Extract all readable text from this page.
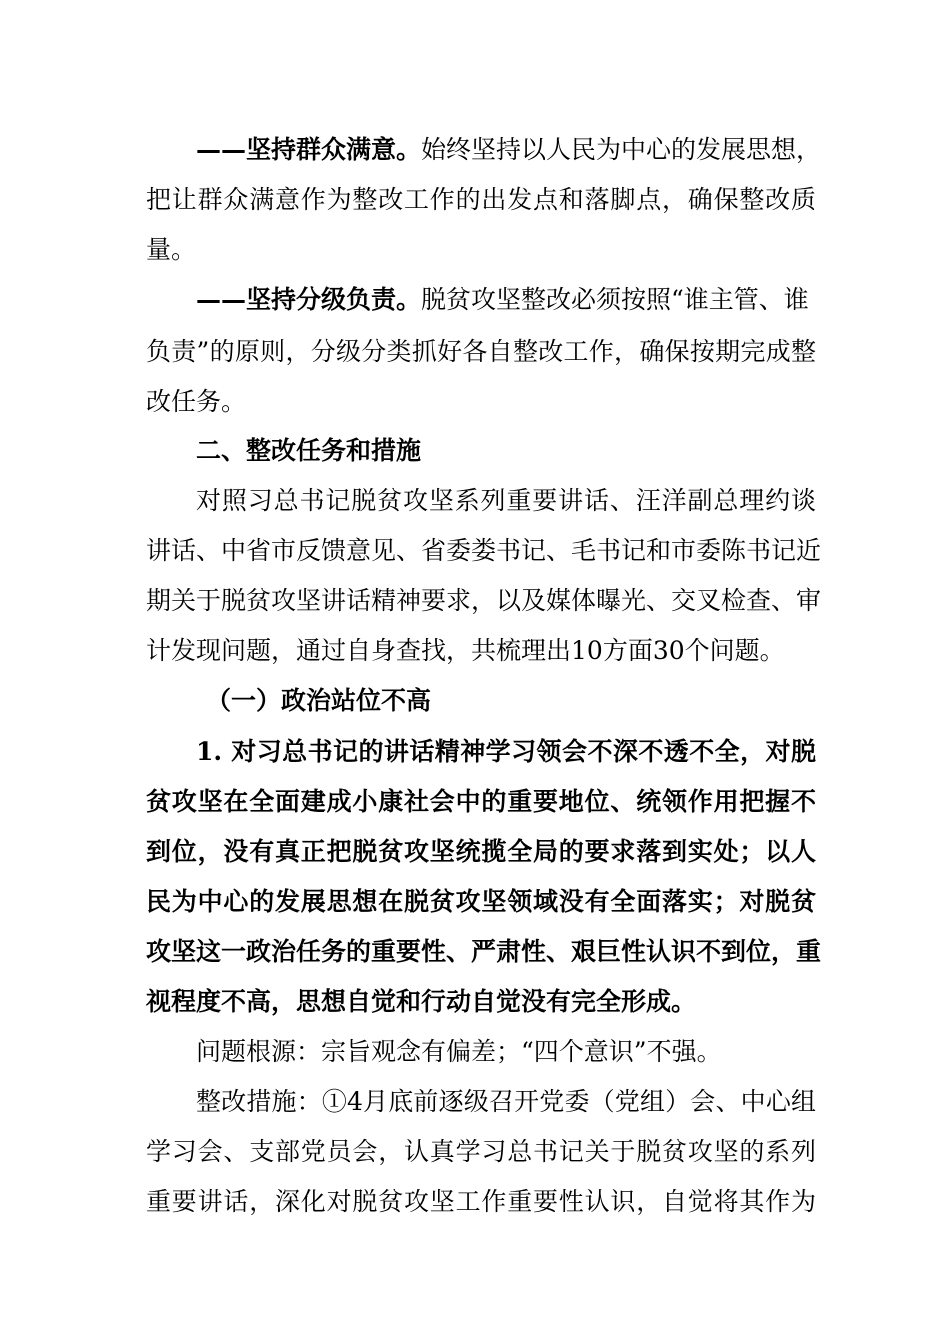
——坚持群众满意。始终坚持以人民为中心的发展思想，
把让群众满意作为整改工作的出发点和落脚点，确保整改质
量。
——坚持分级负责。脱贫攻坚整改必须按照“谁主管、谁
负责”的原则，分级分类抓好各自整改工作，确保按期完成整
改任务。
二、整改任务和措施
对照习总书记脱贫攻坚系列重要讲话、汪洋副总理约谈
讲话、中省市反馈意见、省委娄书记、毛书记和市委陈书记近
期关于脱贫攻坚讲话精神要求，以及媒体曝光、交叉检查、审
计发现问题，通过自身查找，共梳理出10方面30个问题。
（一）政治站位不高
1. 对习总书记的讲话精神学习领会不深不透不全，对脱
贫攻坚在全面建成小康社会中的重要地位、统领作用把握不
到位，没有真正把脱贫攻坚统揽全局的要求落到实处；以人
民为中心的发展思想在脱贫攻坚领域没有全面落实；对脱贫
攻坚这一政治任务的重要性、严肃性、艰巨性认识不到位，重
视程度不高，思想自觉和行动自觉没有完全形成。
问题根源：宗旨观念有偏差；“四个意识”不强。
整改措施：①4月底前逐级召开党委（党组）会、中心组
学习会、支部党员会，认真学习总书记关于脱贫攻坚的系列
重要讲话，深化对脱贫攻坚工作重要性认识，自觉将其作为
